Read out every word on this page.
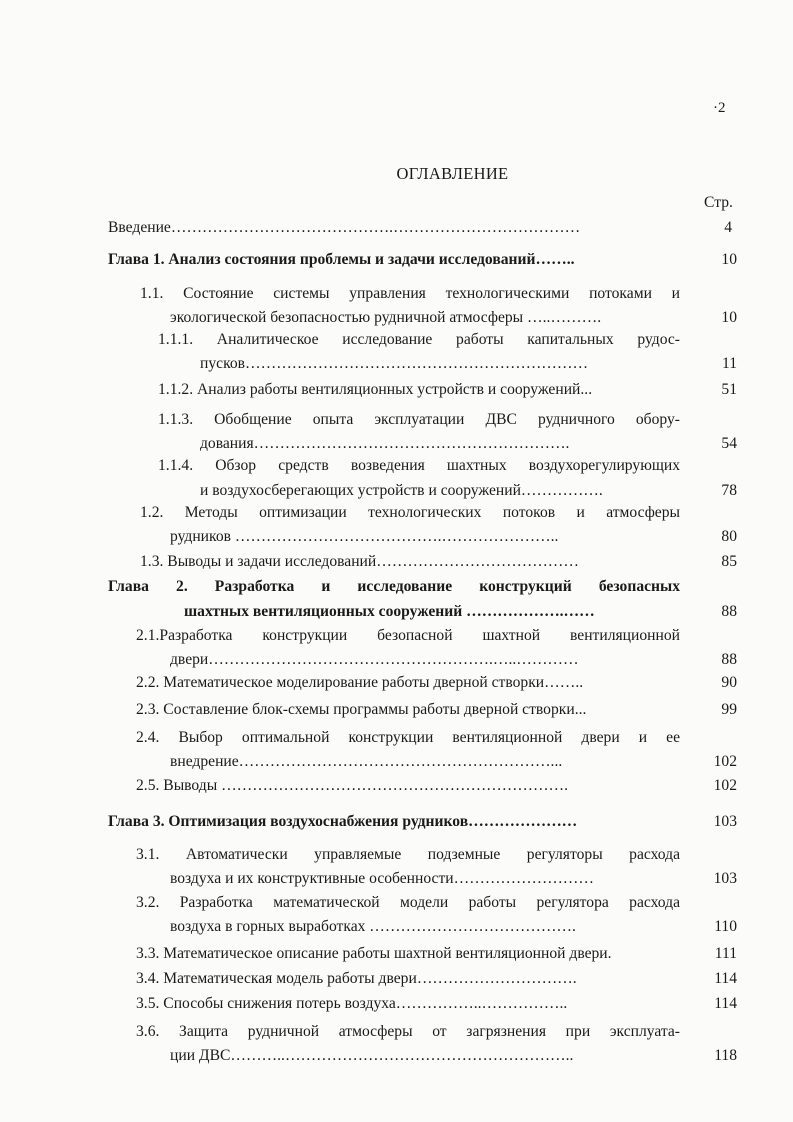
·2
ОГЛАВЛЕНИЕ
Стр.
Введение…………………………………….………………………………	4
Глава 1. Анализ состояния проблемы и задачи исследований……..	10
1.1. Состояние системы управления технологическими потоками и
экологической безопасностью рудничной атмосферы …..……….	10
1.1.1. Аналитическое исследование работы капитальных рудос-
пусков…………………………………………………………	11
1.1.2. Анализ работы вентиляционных устройств и сооружений...	51
1.1.3. Обобщение опыта эксплуатации ДВС рудничного обору-
дования…………………………………………………….	54
1.1.4. Обзор средств возведения шахтных воздухорегулирующих
и воздухосберегающих устройств и сооружений…………….	78
1.2. Методы оптимизации технологических потоков и атмосферы
рудников ………………………………….…………………..	80
1.3. Выводы и задачи исследований…………………………………	85
Глава 2. Разработка и исследование конструкций безопасных
шахтных вентиляционных сооружений ……………….……	88
2.1.Разработка конструкции безопасной шахтной вентиляционной
двери……………………………………………….…..…………	88
2.2. Математическое моделирование работы дверной створки……..	90
2.3. Составление блок-схемы программы работы дверной створки...	99
2.4. Выбор оптимальной конструкции вентиляционной двери и ее
внедрение……………………………………………………...	102
2.5. Выводы ………………………………………………………….	102
Глава 3. Оптимизация воздухоснабжения рудников…………………	103
3.1. Автоматически управляемые подземные регуляторы расхода
воздуха и их конструктивные особенности………………………	103
3.2. Разработка математической модели работы регулятора расхода
воздуха в горных выработках ………………………………….	110
3.3. Математическое описание работы шахтной вентиляционной двери.	111
3.4. Математическая модель работы двери………………………….	114
3.5. Способы снижения потерь воздуха……………..……………..	114
3.6. Защита рудничной атмосферы от загрязнения при эксплуата-
ции ДВС………..………………………………………………..	118
